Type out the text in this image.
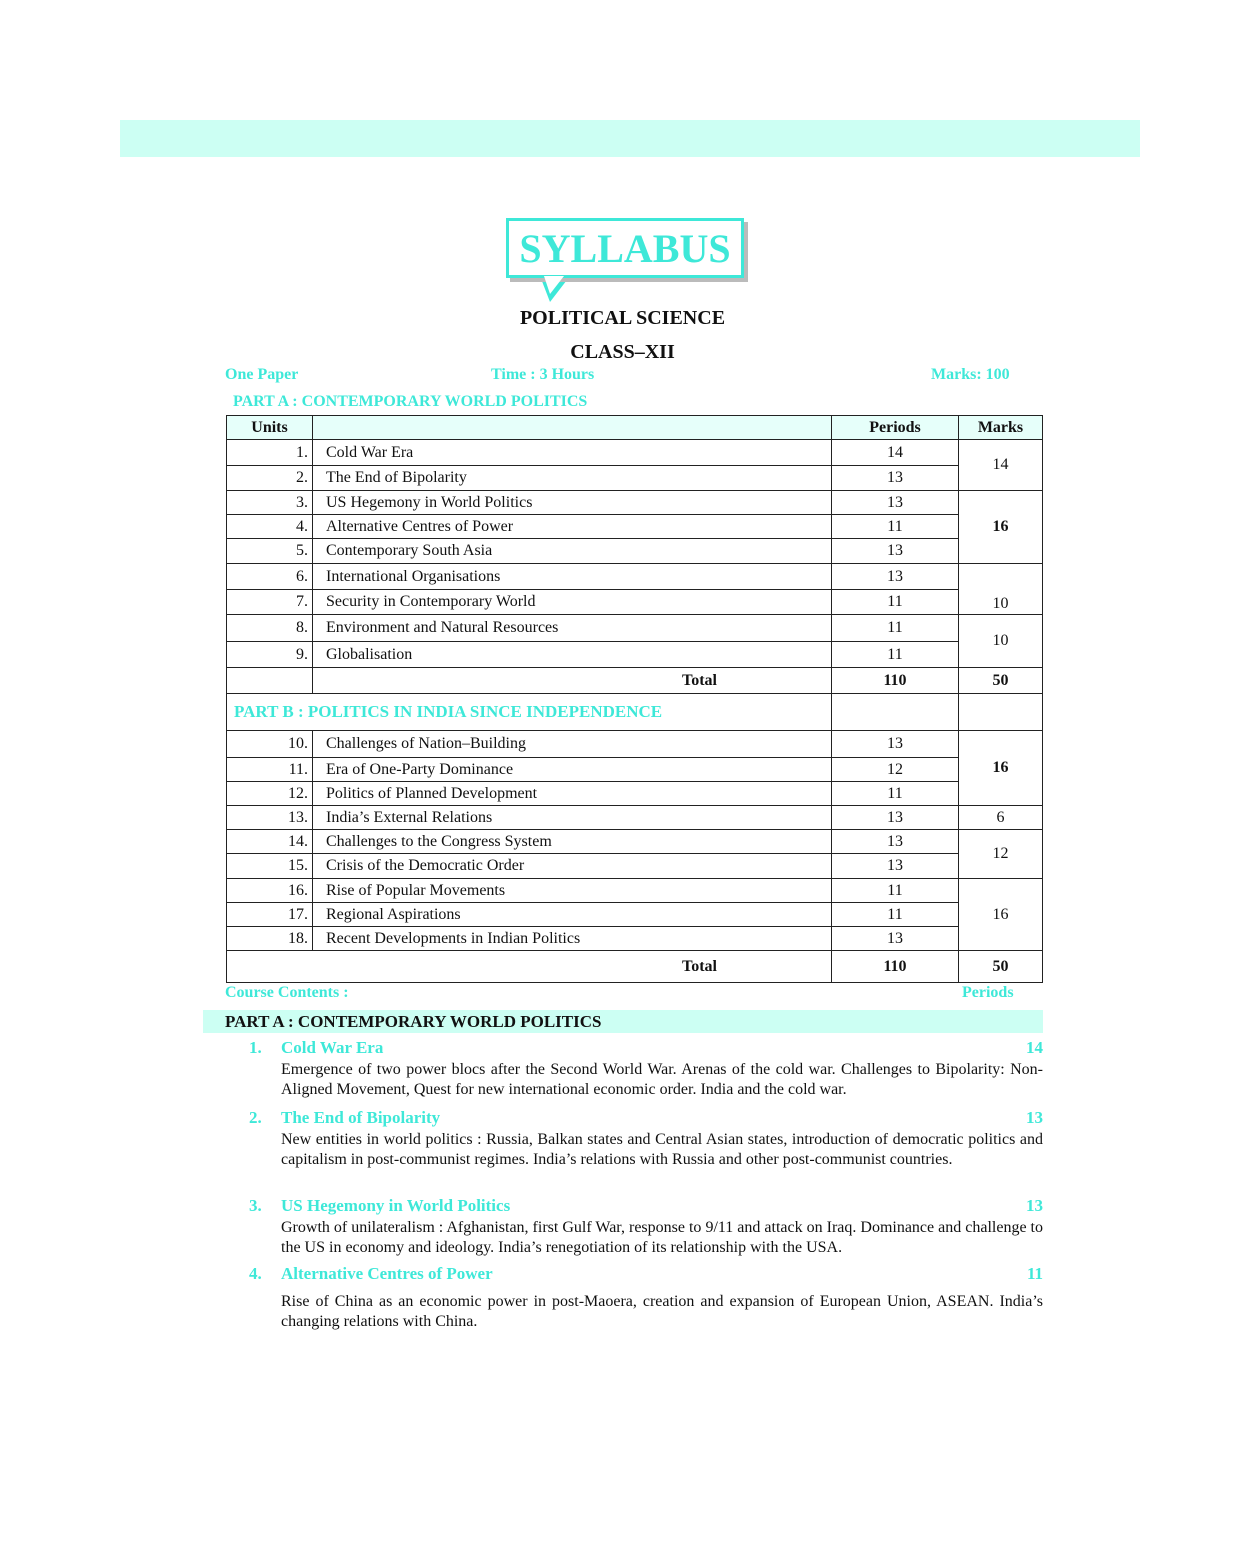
SYLLABUS
POLITICAL SCIENCE
CLASS–XII
One Paper	Time : 3 Hours	Marks: 100
PART A : CONTEMPORARY WORLD POLITICS
Units		Periods	Marks
1.	Cold War Era	14	14
2.	The End of Bipolarity	13	
3.	US Hegemony in World Politics	13	16
4.	Alternative Centres of Power	11	
5.	Contemporary South Asia	13	
6.	International Organisations	13	10
7.	Security in Contemporary World	11	
8.	Environment and Natural Resources	11	10
9.	Globalisation	11	
	Total	110	50
PART B : POLITICS IN INDIA SINCE INDEPENDENCE			
10.	Challenges of Nation–Building	13	16
11.	Era of One-Party Dominance	12	
12.	Politics of Planned Development	11	
13.	India’s External Relations	13	6
14.	Challenges to the Congress System	13	12
15.	Crisis of the Democratic Order	13	
16.	Rise of Popular Movements	11	16
17.	Regional Aspirations	11	
18.	Recent Developments in Indian Politics	13	
	Total	110	50
Course Contents :	Periods
PART A : CONTEMPORARY WORLD POLITICS
1. Cold War Era	14
Emergence of two power blocs after the Second World War. Arenas of the cold war. Challenges to Bipolarity: Non-Aligned Movement, Quest for new international economic order. India and the cold war.
2. The End of Bipolarity	13
New entities in world politics : Russia, Balkan states and Central Asian states, introduction of democratic politics and capitalism in post-communist regimes. India’s relations with Russia and other post-communist countries.
3. US Hegemony in World Politics	13
Growth of unilateralism : Afghanistan, first Gulf War, response to 9/11 and attack on Iraq. Dominance and challenge to the US in economy and ideology. India’s renegotiation of its relationship with the USA.
4. Alternative Centres of Power	11
Rise of China as an economic power in post-Maoera, creation and expansion of European Union, ASEAN. India’s changing relations with China.
